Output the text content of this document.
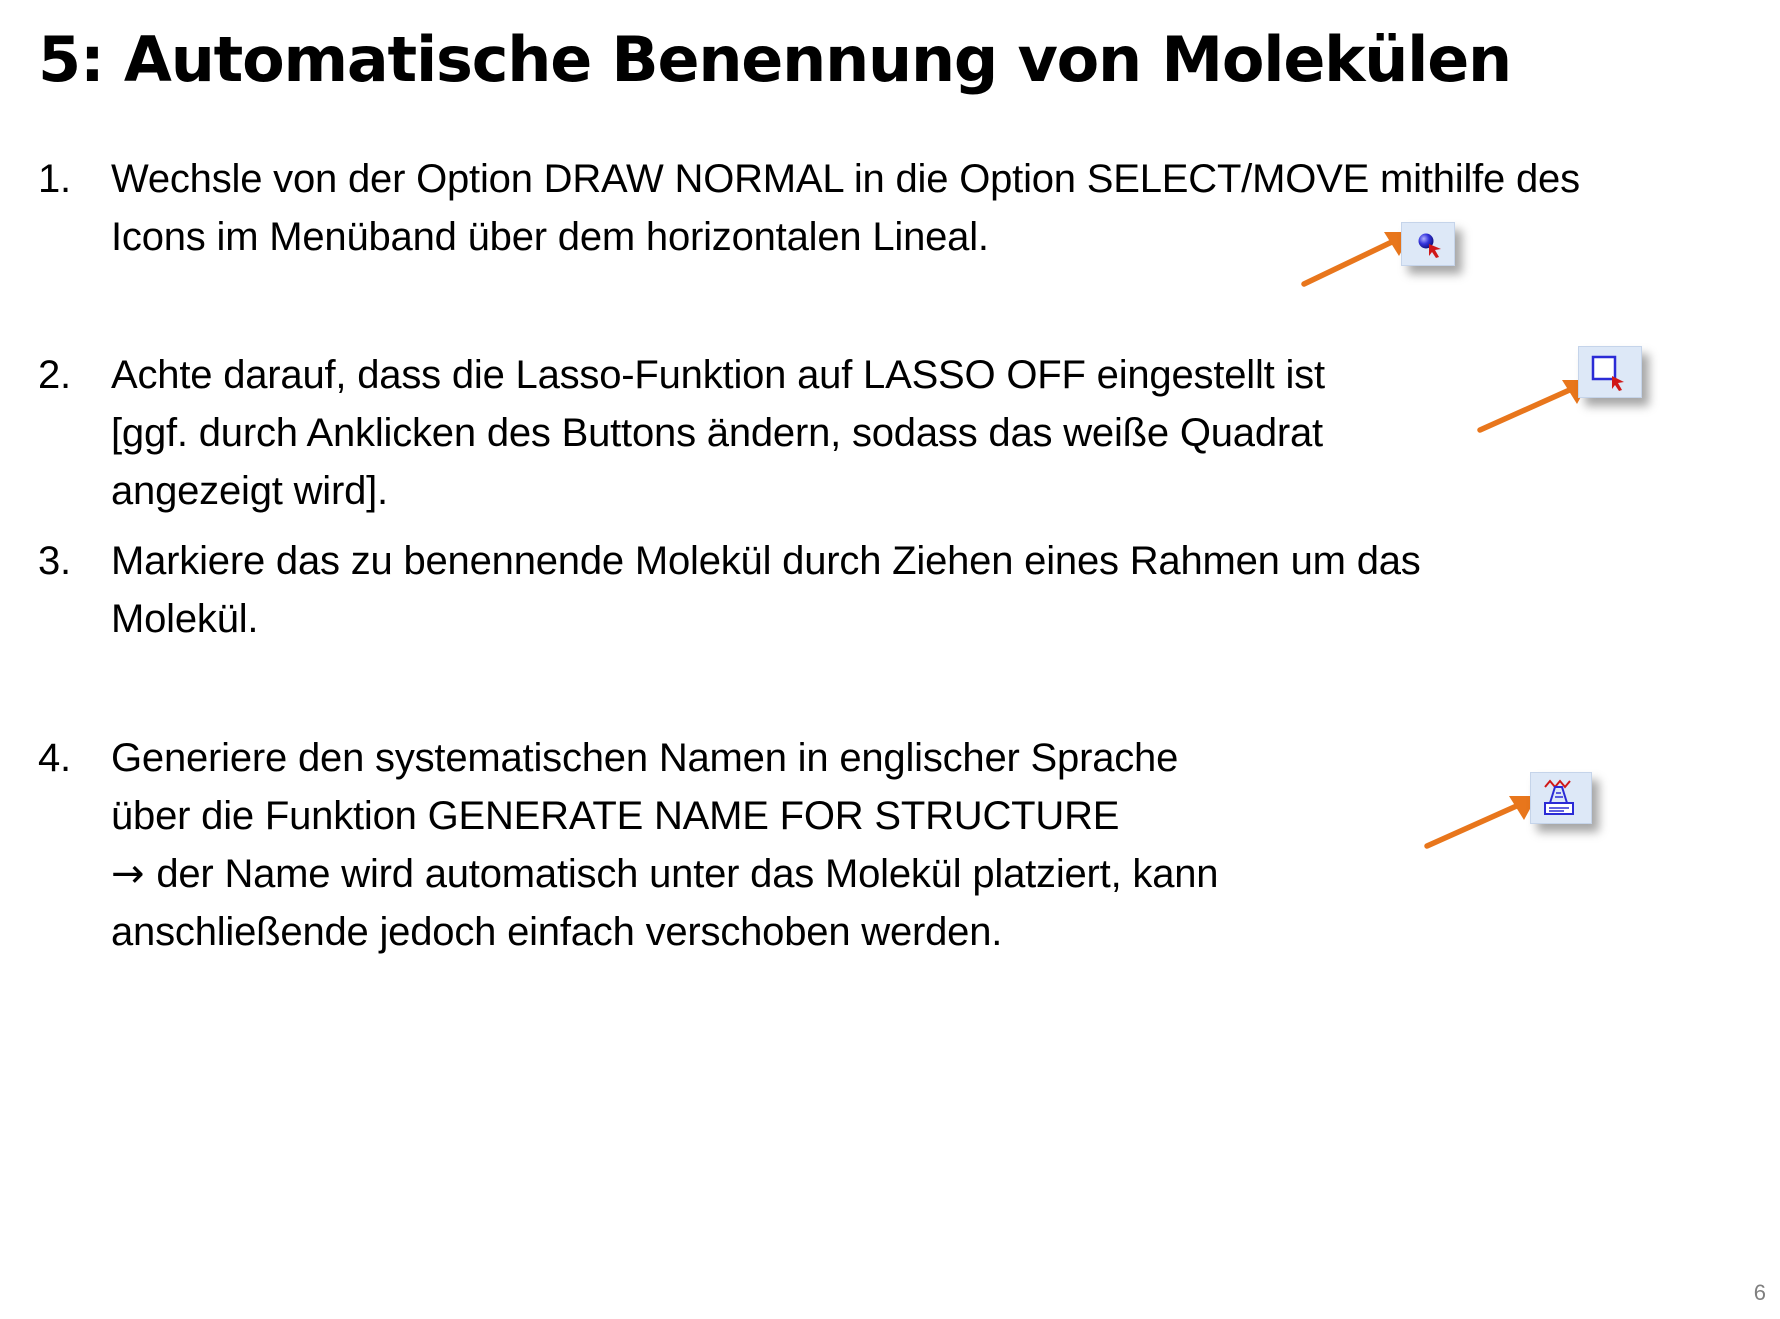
5: Automatische Benennung von Molekülen
1. Wechsle von der Option DRAW NORMAL in die Option SELECT/MOVE mithilfe des
Icons im Menüband über dem horizontalen Lineal.
2. Achte darauf, dass die Lasso-Funktion auf LASSO OFF eingestellt ist
[ggf. durch Anklicken des Buttons ändern, sodass das weiße Quadrat
angezeigt wird].
3. Markiere das zu benennende Molekül durch Ziehen eines Rahmen um das
Molekül.
4. Generiere den systematischen Namen in englischer Sprache
über die Funktion GENERATE NAME FOR STRUCTURE
→ der Name wird automatisch unter das Molekül platziert, kann
anschließende jedoch einfach verschoben werden.
6
